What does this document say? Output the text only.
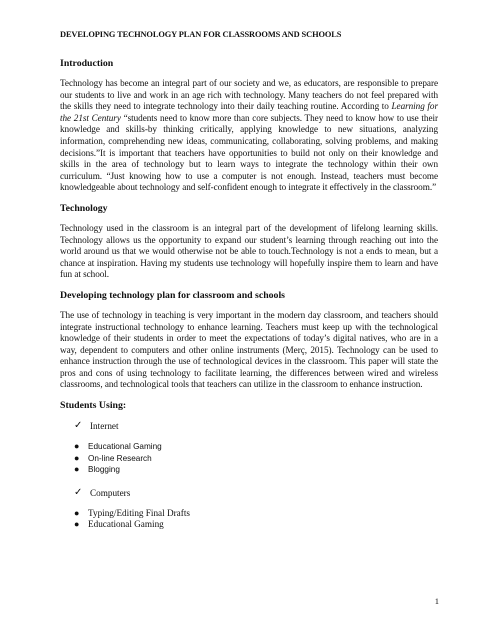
DEVELOPING TECHNOLOGY PLAN FOR CLASSROOMS AND SCHOOLS
Introduction

Technology has become an integral part of our society and we, as educators, are responsible to prepare our students to live and work in an age rich with technology. Many teachers do not feel prepared with the skills they need to integrate technology into their daily teaching routine. According to Learning for the 21st Century “students need to know more than core subjects. They need to know how to use their knowledge and skills-by thinking critically, applying knowledge to new situations, analyzing information, comprehending new ideas, communicating, collaborating, solving problems, and making decisions.”It is important that teachers have opportunities to build not only on their knowledge and skills in the area of technology but to learn ways to integrate the technology within their own curriculum. “Just knowing how to use a computer is not enough. Instead, teachers must become knowledgeable about technology and self-confident enough to integrate it effectively in the classroom.”

Technology

Technology used in the classroom is an integral part of the development of lifelong learning skills. Technology allows us the opportunity to expand our student’s learning through reaching out into the world around us that we would otherwise not be able to touch.Technology is not a ends to mean, but a chance at inspiration. Having my students use technology will hopefully inspire them to learn and have fun at school.

Developing technology plan for classroom and schools

The use of technology in teaching is very important in the modern day classroom, and teachers should integrate instructional technology to enhance learning. Teachers must keep up with the technological knowledge of their students in order to meet the expectations of today’s digital natives, who are in a way, dependent to computers and other online instruments (Merç, 2015). Technology can be used to enhance instruction through the use of technological devices in the classroom. This paper will state the pros and cons of using technology to facilitate learning, the differences between wired and wireless classrooms, and technological tools that teachers can utilize in the classroom to enhance instruction.

Students Using:
✓ Internet
●	Educational Gaming
●	On-line Research
●	Blogging
✓ Computers
● Typing/Editing Final Drafts
● Educational Gaming
1
